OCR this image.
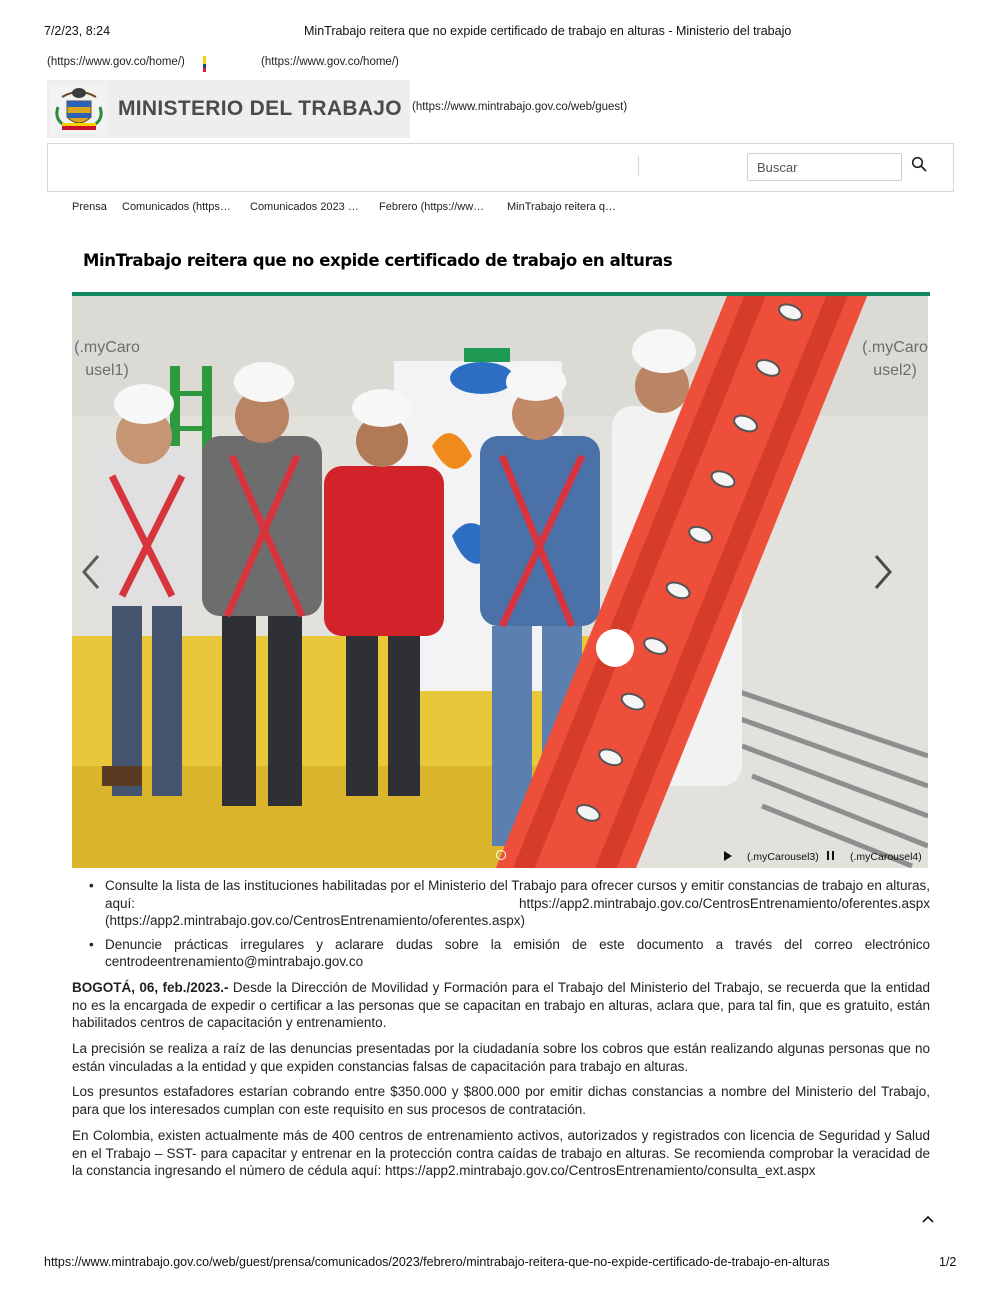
7/2/23, 8:24	MinTrabajo reitera que no expide certificado de trabajo en alturas - Ministerio del trabajo
(https://www.gov.co/home/)	(https://www.gov.co/home/)
MINISTERIO DEL TRABAJO (https://www.mintrabajo.gov.co/web/guest)
Buscar
Prensa Comunicados (https… Comunicados 2023 … Febrero (https://ww… MinTrabajo reitera q…
MinTrabajo reitera que no expide certificado de trabajo en alturas
(.myCaro
usel1)
(.myCaro
usel2)
(.myCarousel3)	(.myCarousel4)
• Consulte la lista de las instituciones habilitadas por el Ministerio del Trabajo para ofrecer cursos y emitir constancias de trabajo en alturas, aquí: https://app2.mintrabajo.gov.co/CentrosEntrenamiento/oferentes.aspx (https://app2.mintrabajo.gov.co/CentrosEntrenamiento/oferentes.aspx)
• Denuncie prácticas irregulares y aclarare dudas sobre la emisión de este documento a través del correo electrónico centrodeentrenamiento@mintrabajo.gov.co

BOGOTÁ, 06, feb./2023.- Desde la Dirección de Movilidad y Formación para el Trabajo del Ministerio del Trabajo, se recuerda que la entidad no es la encargada de expedir o certificar a las personas que se capacitan en trabajo en alturas, aclara que, para tal fin, que es gratuito, están habilitados centros de capacitación y entrenamiento.

La precisión se realiza a raíz de las denuncias presentadas por la ciudadanía sobre los cobros que están realizando algunas personas que no están vinculadas a la entidad y que expiden constancias falsas de capacitación para trabajo en alturas.

Los presuntos estafadores estarían cobrando entre $350.000 y $800.000 por emitir dichas constancias a nombre del Ministerio del Trabajo, para que los interesados cumplan con este requisito en sus procesos de contratación.

En Colombia, existen actualmente más de 400 centros de entrenamiento activos, autorizados y registrados con licencia de Seguridad y Salud en el Trabajo – SST- para capacitar y entrenar en la protección contra caídas de trabajo en alturas. Se recomienda comprobar la veracidad de la constancia ingresando el número de cédula aquí: https://app2.mintrabajo.gov.co/CentrosEntrenamiento/consulta_ext.aspx

https://www.mintrabajo.gov.co/web/guest/prensa/comunicados/2023/febrero/mintrabajo-reitera-que-no-expide-certificado-de-trabajo-en-alturas	1/2
